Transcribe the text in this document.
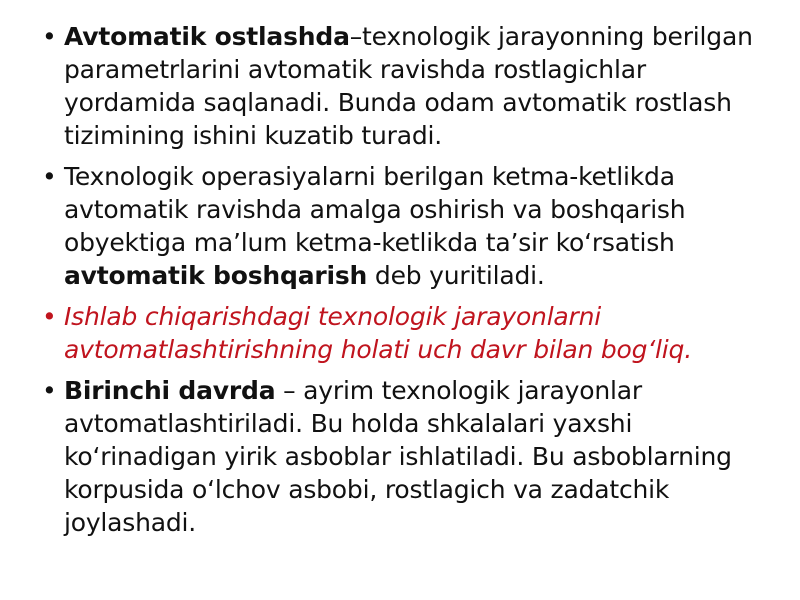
• Avtomatik ostlashda–texnologik jarayonning berilgan parametrlarini avtomatik ravishda rostlagichlar yordamida saqlanadi. Bunda odam avtomatik rostlash tizimining ishini kuzatib turadi.
• Texnologik operasiyalarni berilgan ketma-ketlikda avtomatik ravishda amalga oshirish va boshqarish obyektiga ma’lum ketma-ketlikda ta’sir koʻrsatish avtomatik boshqarish deb yuritiladi.
• Ishlab chiqarishdagi texnologik jarayonlarni avtomatlashtirishning holati uch davr bilan bogʻliq.
• Birinchi davrda – ayrim texnologik jarayonlar avtomatlashtiriladi. Bu holda shkalalari yaxshi koʻrinadigan yirik asboblar ishlatiladi. Bu asboblarning korpusida oʻlchov asbobi, rostlagich va zadatchik joylashadi.
